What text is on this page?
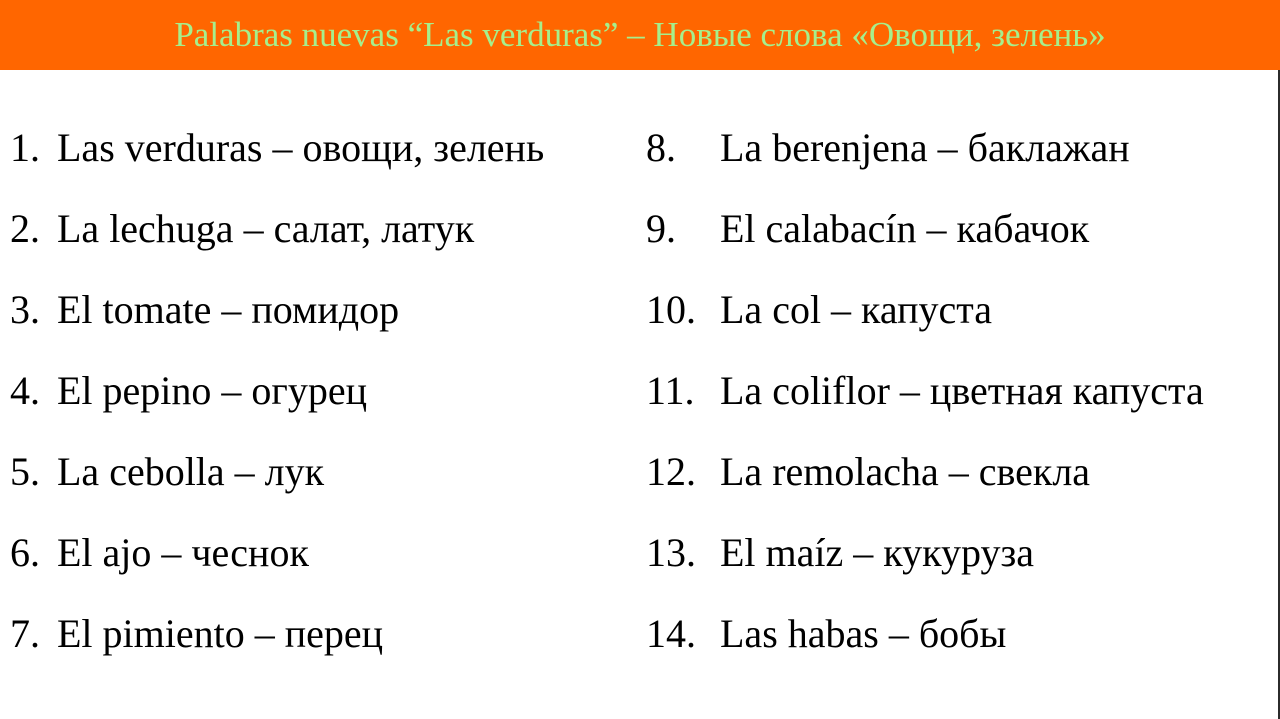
Palabras nuevas “Las verduras” – Новые слова «Овощи, зелень»
1. Las verduras – овощи, зелень
2. La lechuga – салат, латук
3. El tomate – помидор
4. El pepino – огурец
5. La cebolla – лук
6. El ajo – чеснок
7. El pimiento – перец
8.	La berenjena – баклажан
9.	El calabacín – кабачок
10. La col – капуста
11. La coliflor – цветная капуста
12. La remolacha – свекла
13. El maíz – кукуруза
14. Las habas – бобы
